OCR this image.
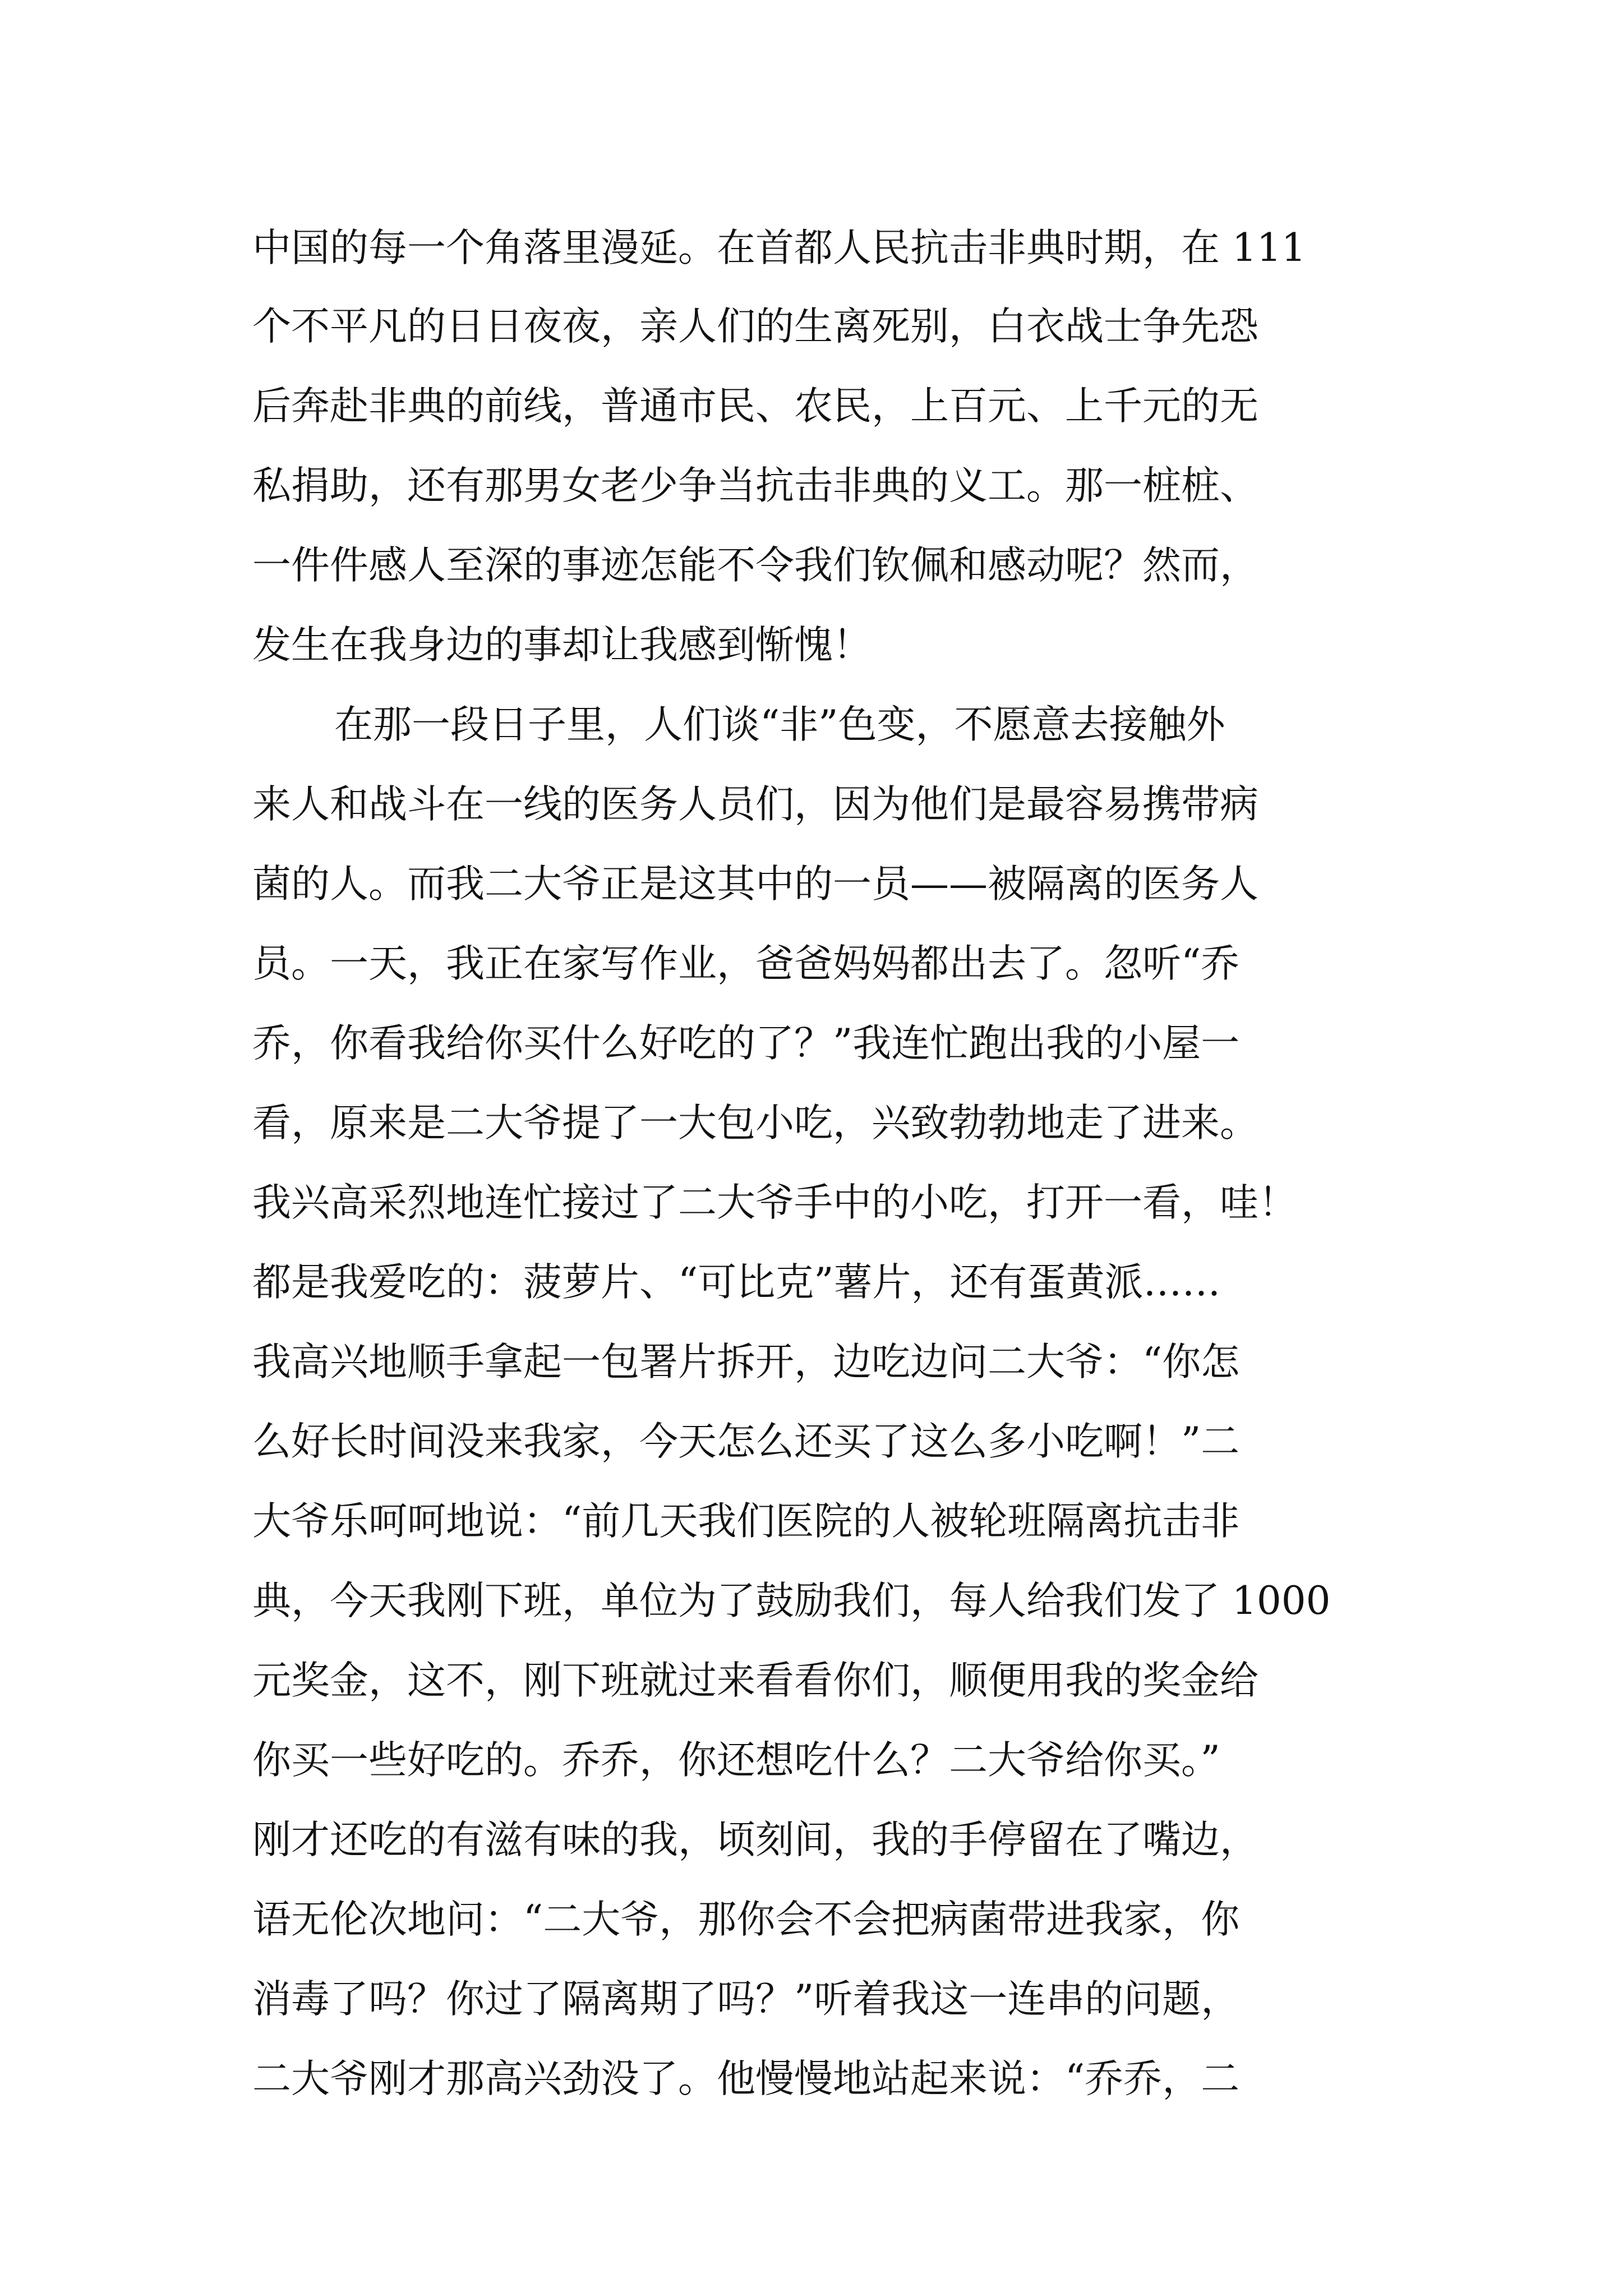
中国的每一个角落里漫延。在首都人民抗击非典时期，在 111

个不平凡的日日夜夜，亲人们的生离死别，白衣战士争先恐

后奔赴非典的前线，普通市民、农民，上百元、上千元的无

私捐助，还有那男女老少争当抗击非典的义工。那一桩桩、

一件件感人至深的事迹怎能不令我们钦佩和感动呢？然而，

发生在我身边的事却让我感到惭愧！

在那一段日子里，人们谈“非”色变，不愿意去接触外

来人和战斗在一线的医务人员们，因为他们是最容易携带病

菌的人。而我二大爷正是这其中的一员——被隔离的医务人

员。一天，我正在家写作业，爸爸妈妈都出去了。忽听“乔

乔，你看我给你买什么好吃的了？”我连忙跑出我的小屋一

看，原来是二大爷提了一大包小吃，兴致勃勃地走了进来。

我兴高采烈地连忙接过了二大爷手中的小吃，打开一看，哇！

都是我爱吃的：菠萝片、“可比克”薯片，还有蛋黄派……

我高兴地顺手拿起一包署片拆开，边吃边问二大爷：“你怎

么好长时间没来我家，今天怎么还买了这么多小吃啊！”二

大爷乐呵呵地说：“前几天我们医院的人被轮班隔离抗击非

典，今天我刚下班，单位为了鼓励我们，每人给我们发了 1000

元奖金，这不，刚下班就过来看看你们，顺便用我的奖金给

你买一些好吃的。乔乔，你还想吃什么？二大爷给你买。”

刚才还吃的有滋有味的我，顷刻间，我的手停留在了嘴边，

语无伦次地问：“二大爷，那你会不会把病菌带进我家，你

消毒了吗？你过了隔离期了吗？”听着我这一连串的问题，

二大爷刚才那高兴劲没了。他慢慢地站起来说：“乔乔，二
